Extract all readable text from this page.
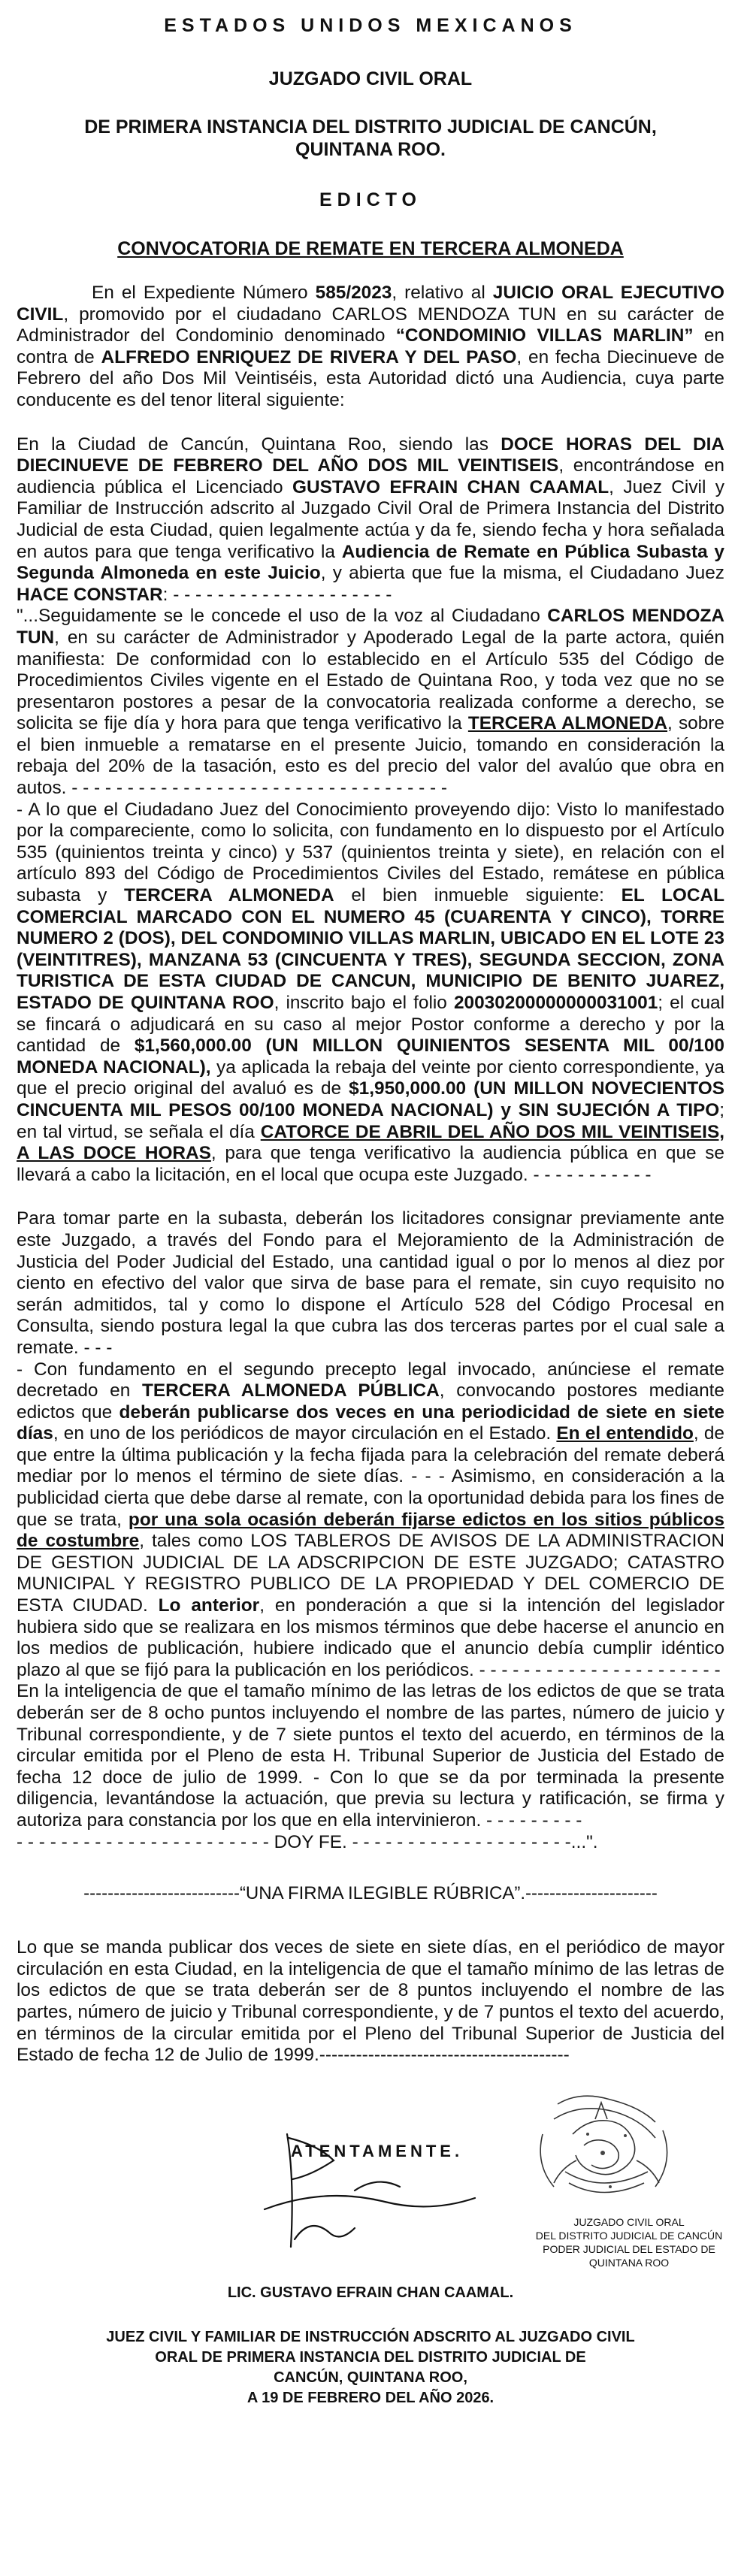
ESTADOS UNIDOS MEXICANOS
JUZGADO CIVIL ORAL
DE PRIMERA INSTANCIA DEL DISTRITO JUDICIAL DE CANCÚN,
QUINTANA ROO.
EDICTO
CONVOCATORIA DE REMATE EN TERCERA ALMONEDA

En el Expediente Número 585/2023, relativo al JUICIO ORAL EJECUTIVO CIVIL, promovido por el ciudadano CARLOS MENDOZA TUN en su carácter de Administrador del Condominio denominado “CONDOMINIO VILLAS MARLIN” en contra de ALFREDO ENRIQUEZ DE RIVERA Y DEL PASO, en fecha Diecinueve de Febrero del año Dos Mil Veintiséis, esta Autoridad dictó una Audiencia, cuya parte conducente es del tenor literal siguiente:

En la Ciudad de Cancún, Quintana Roo, siendo las DOCE HORAS DEL DIA DIECINUEVE DE FEBRERO DEL AÑO DOS MIL VEINTISEIS, encontrándose en audiencia pública el Licenciado GUSTAVO EFRAIN CHAN CAAMAL, Juez Civil y Familiar de Instrucción adscrito al Juzgado Civil Oral de Primera Instancia del Distrito Judicial de esta Ciudad, quien legalmente actúa y da fe, siendo fecha y hora señalada en autos para que tenga verificativo la Audiencia de Remate en Pública Subasta y Segunda Almoneda en este Juicio, y abierta que fue la misma, el Ciudadano Juez HACE CONSTAR: - - - - - - - - - - - - - - - - - - - -
"...Seguidamente se le concede el uso de la voz al Ciudadano CARLOS MENDOZA TUN, en su carácter de Administrador y Apoderado Legal de la parte actora, quién manifiesta: De conformidad con lo establecido en el Artículo 535 del Código de Procedimientos Civiles vigente en el Estado de Quintana Roo, y toda vez que no se presentaron postores a pesar de la convocatoria realizada conforme a derecho, se solicita se fije día y hora para que tenga verificativo la TERCERA ALMONEDA, sobre el bien inmueble a rematarse en el presente Juicio, tomando en consideración la rebaja del 20% de la tasación, esto es del precio del valor del avalúo que obra en autos. - - - - - - - - - - - - - - - - - - - - - - - - - - - - - - - - - -
- A lo que el Ciudadano Juez del Conocimiento proveyendo dijo: Visto lo manifestado por la compareciente, como lo solicita, con fundamento en lo dispuesto por el Artículo 535 (quinientos treinta y cinco) y 537 (quinientos treinta y siete), en relación con el artículo 893 del Código de Procedimientos Civiles del Estado, remátese en pública subasta y TERCERA ALMONEDA el bien inmueble siguiente: EL LOCAL COMERCIAL MARCADO CON EL NUMERO 45 (CUARENTA Y CINCO), TORRE NUMERO 2 (DOS), DEL CONDOMINIO VILLAS MARLIN, UBICADO EN EL LOTE 23 (VEINTITRES), MANZANA 53 (CINCUENTA Y TRES), SEGUNDA SECCION, ZONA TURISTICA DE ESTA CIUDAD DE CANCUN, MUNICIPIO DE BENITO JUAREZ, ESTADO DE QUINTANA ROO, inscrito bajo el folio 20030200000000031001; el cual se fincará o adjudicará en su caso al mejor Postor conforme a derecho y por la cantidad de $1,560,000.00 (UN MILLON QUINIENTOS SESENTA MIL 00/100 MONEDA NACIONAL), ya aplicada la rebaja del veinte por ciento correspondiente, ya que el precio original del avaluó es de $1,950,000.00 (UN MILLON NOVECIENTOS CINCUENTA MIL PESOS 00/100 MONEDA NACIONAL) y SIN SUJECIÓN A TIPO; en tal virtud, se señala el día CATORCE DE ABRIL DEL AÑO DOS MIL VEINTISEIS, A LAS DOCE HORAS, para que tenga verificativo la audiencia pública en que se llevará a cabo la licitación, en el local que ocupa este Juzgado. - - - - - - - - - - -

Para tomar parte en la subasta, deberán los licitadores consignar previamente ante este Juzgado, a través del Fondo para el Mejoramiento de la Administración de Justicia del Poder Judicial del Estado, una cantidad igual o por lo menos al diez por ciento en efectivo del valor que sirva de base para el remate, sin cuyo requisito no serán admitidos, tal y como lo dispone el Artículo 528 del Código Procesal en Consulta, siendo postura legal la que cubra las dos terceras partes por el cual sale a remate. - - -
- Con fundamento en el segundo precepto legal invocado, anúnciese el remate decretado en TERCERA ALMONEDA PÚBLICA, convocando postores mediante edictos que deberán publicarse dos veces en una periodicidad de siete en siete días, en uno de los periódicos de mayor circulación en el Estado. En el entendido, de que entre la última publicación y la fecha fijada para la celebración del remate deberá mediar por lo menos el término de siete días. - - - Asimismo, en consideración a la publicidad cierta que debe darse al remate, con la oportunidad debida para los fines de que se trata, por una sola ocasión deberán fijarse edictos en los sitios públicos de costumbre, tales como LOS TABLEROS DE AVISOS DE LA ADMINISTRACION DE GESTION JUDICIAL DE LA ADSCRIPCION DE ESTE JUZGADO; CATASTRO MUNICIPAL Y REGISTRO PUBLICO DE LA PROPIEDAD Y DEL COMERCIO DE ESTA CIUDAD. Lo anterior, en ponderación a que si la intención del legislador hubiera sido que se realizara en los mismos términos que debe hacerse el anuncio en los medios de publicación, hubiere indicado que el anuncio debía cumplir idéntico plazo al que se fijó para la publicación en los periódicos. - - - - - - - - - - - - - - - - - - - - - -
En la inteligencia de que el tamaño mínimo de las letras de los edictos de que se trata deberán ser de 8 ocho puntos incluyendo el nombre de las partes, número de juicio y Tribunal correspondiente, y de 7 siete puntos el texto del acuerdo, en términos de la circular emitida por el Pleno de esta H. Tribunal Superior de Justicia del Estado de fecha 12 doce de julio de 1999. - Con lo que se da por terminada la presente diligencia, levantándose la actuación, que previa su lectura y ratificación, se firma y autoriza para constancia por los que en ella intervinieron. - - - - - - - - -
- - - - - - - - - - - - - - - - - - - - - - - DOY FE. - - - - - - - - - - - - - - - - - - - -...".

--------------------------“UNA FIRMA ILEGIBLE RÚBRICA”.----------------------

Lo que se manda publicar dos veces de siete en siete días, en el periódico de mayor circulación en esta Ciudad, en la inteligencia de que el tamaño mínimo de las letras de los edictos de que se trata deberán ser de 8 puntos incluyendo el nombre de las partes, número de juicio y Tribunal correspondiente, y de 7 puntos el texto del acuerdo, en términos de la circular emitida por el Pleno del Tribunal Superior de Justicia del Estado de fecha 12 de Julio de 1999.-----------------------------------------

ATENTAMENTE.
JUZGADO CIVIL ORAL
DEL DISTRITO JUDICIAL DE CANCÚN
PODER JUDICIAL DEL ESTADO DE QUINTANA ROO
LIC. GUSTAVO EFRAIN CHAN CAAMAL.
JUEZ CIVIL Y FAMILIAR DE INSTRUCCIÓN ADSCRITO AL JUZGADO CIVIL
ORAL DE PRIMERA INSTANCIA DEL DISTRITO JUDICIAL DE
CANCÚN, QUINTANA ROO,
A 19 DE FEBRERO DEL AÑO 2026.
